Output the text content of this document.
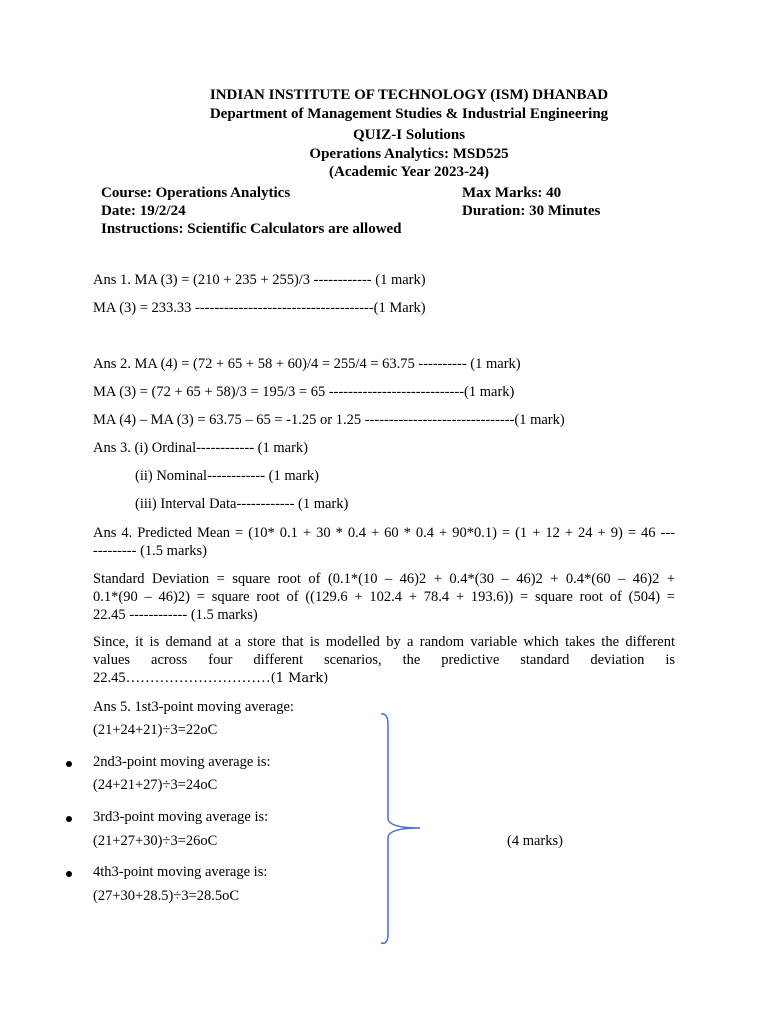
INDIAN INSTITUTE OF TECHNOLOGY (ISM) DHANBAD
Department of Management Studies & Industrial Engineering
QUIZ-I Solutions
Operations Analytics: MSD525
(Academic Year 2023-24)
Course: Operations Analytics	Max Marks: 40
Date: 19/2/24	Duration: 30 Minutes
Instructions: Scientific Calculators are allowed
Ans 1. MA (3) = (210 + 235 + 255)/3 ------------ (1 mark)
MA (3) = 233.33 -------------------------------------(1 Mark)
Ans 2. MA (4) = (72 + 65 + 58 + 60)/4 = 255/4 = 63.75 ---------- (1 mark)
MA (3) = (72 + 65 + 58)/3 = 195/3 = 65 ----------------------------(1 mark)
MA (4) – MA (3) = 63.75 – 65 = -1.25 or 1.25 -------------------------------(1 mark)
Ans 3. (i) Ordinal------------ (1 mark)
(ii) Nominal------------ (1 mark)
(iii) Interval Data------------ (1 mark)
Ans 4. Predicted Mean = (10* 0.1 + 30 * 0.4 + 60 * 0.4 + 90*0.1) = (1 + 12 + 24 + 9) = 46 ---
--------- (1.5 marks)
Standard Deviation = square root of (0.1*(10 – 46)2 + 0.4*(30 – 46)2 + 0.4*(60 – 46)2 +
0.1*(90 – 46)2) = square root of ((129.6 + 102.4 + 78.4 + 193.6)) = square root of (504) =
22.45 ------------ (1.5 marks)
Since, it is demand at a store that is modelled by a random variable which takes the different
values across four different scenarios, the predictive standard deviation is
22.45…………………………(1 Mark)
Ans 5. 1st3-point moving average:
(21+24+21)÷3=22oC
2nd3-point moving average is:
(24+21+27)÷3=24oC
3rd3-point moving average is:
(21+27+30)÷3=26oC	(4 marks)
4th3-point moving average is:
(27+30+28.5)÷3=28.5oC
